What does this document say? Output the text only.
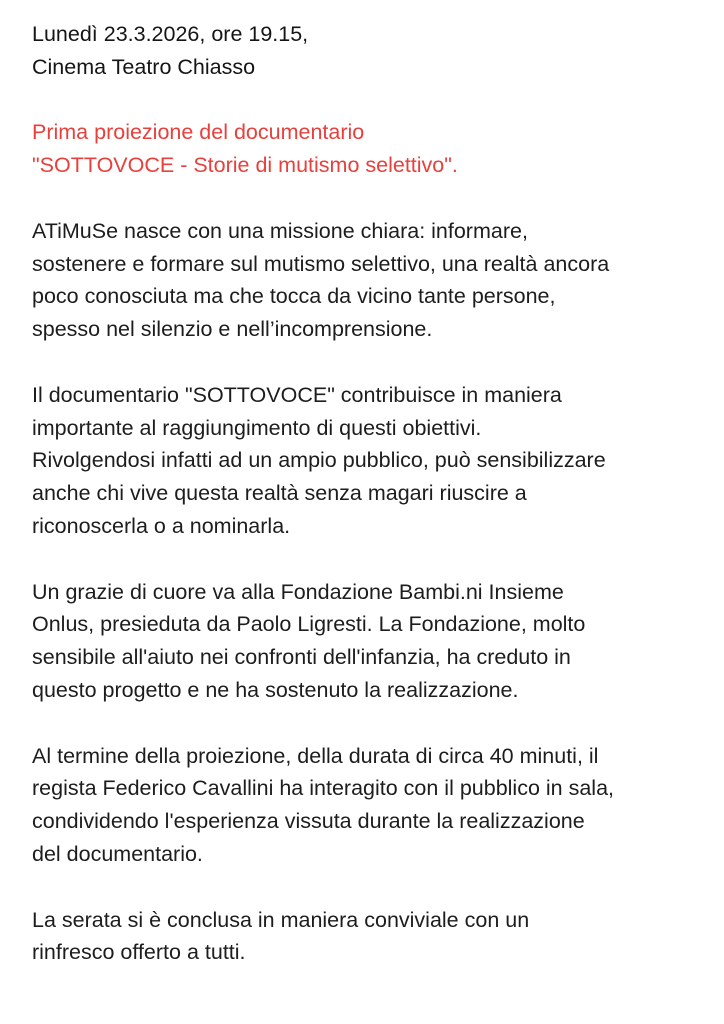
Lunedì 23.3.2026, ore 19.15,
Cinema Teatro Chiasso
Prima proiezione del documentario
"SOTTOVOCE - Storie di mutismo selettivo".
ATiMuSe nasce con una missione chiara: informare,
sostenere e formare sul mutismo selettivo, una realtà ancora
poco conosciuta ma che tocca da vicino tante persone,
spesso nel silenzio e nell’incomprensione.
Il documentario "SOTTOVOCE" contribuisce in maniera
importante al raggiungimento di questi obiettivi.
Rivolgendosi infatti ad un ampio pubblico, può sensibilizzare
anche chi vive questa realtà senza magari riuscire a
riconoscerla o a nominarla.
Un grazie di cuore va alla Fondazione Bambi.ni Insieme
Onlus, presieduta da Paolo Ligresti. La Fondazione, molto
sensibile all'aiuto nei confronti dell'infanzia, ha creduto in
questo progetto e ne ha sostenuto la realizzazione.
Al termine della proiezione, della durata di circa 40 minuti, il
regista Federico Cavallini ha interagito con il pubblico in sala,
condividendo l'esperienza vissuta durante la realizzazione
del documentario.
La serata si è conclusa in maniera conviviale con un
rinfresco offerto a tutti.
